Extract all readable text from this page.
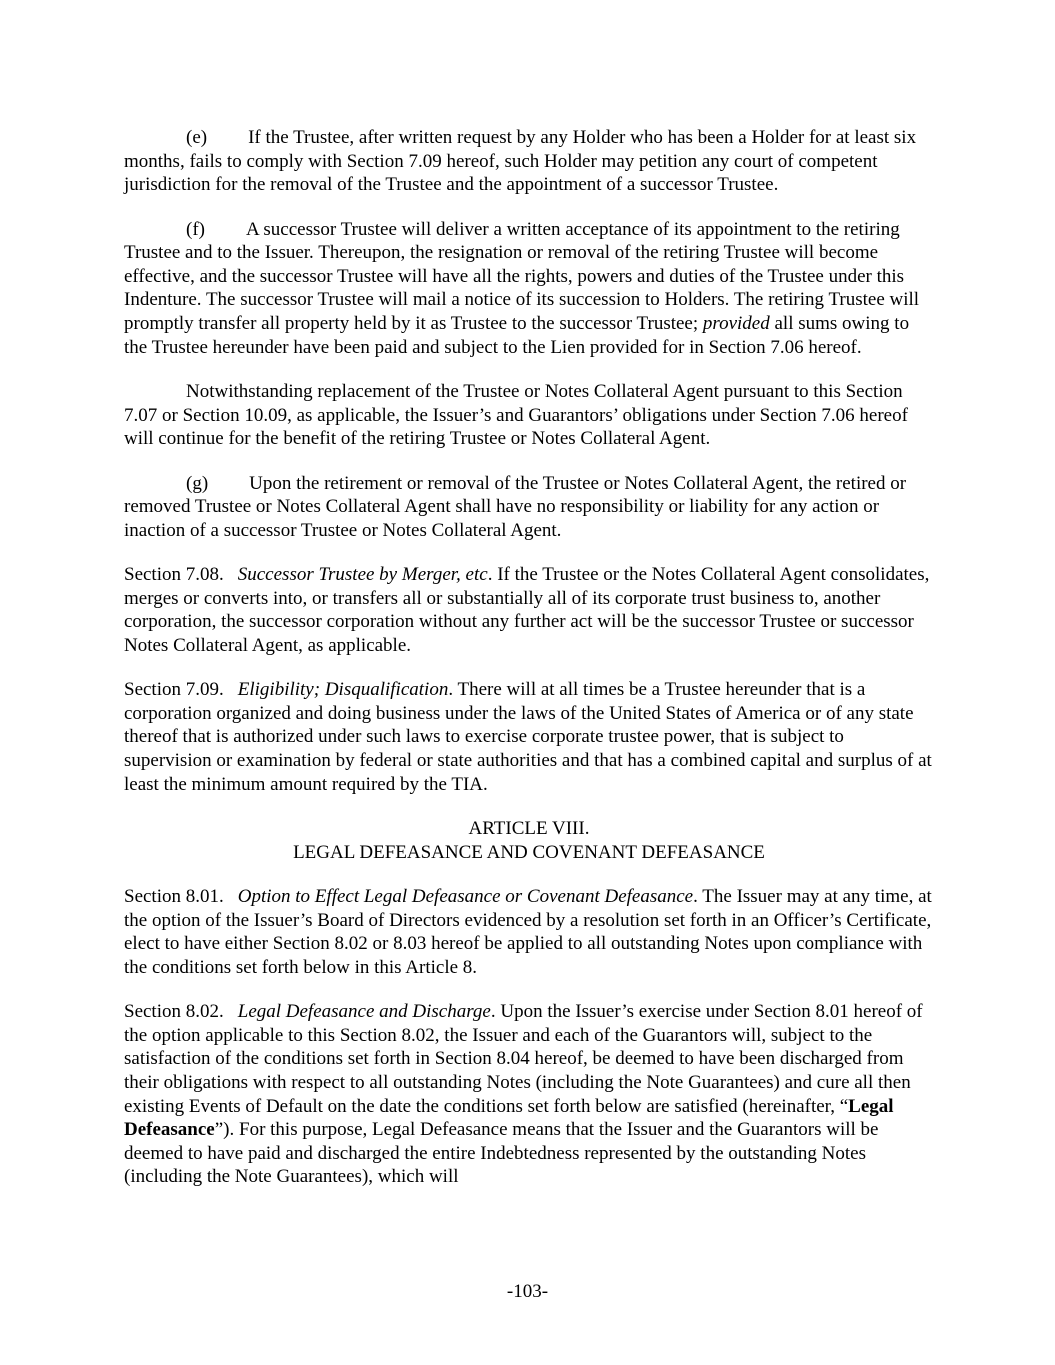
(e) If the Trustee, after written request by any Holder who has been a Holder for at least six months, fails to comply with Section 7.09 hereof, such Holder may petition any court of competent jurisdiction for the removal of the Trustee and the appointment of a successor Trustee.

(f) A successor Trustee will deliver a written acceptance of its appointment to the retiring Trustee and to the Issuer. Thereupon, the resignation or removal of the retiring Trustee will become effective, and the successor Trustee will have all the rights, powers and duties of the Trustee under this Indenture. The successor Trustee will mail a notice of its succession to Holders. The retiring Trustee will promptly transfer all property held by it as Trustee to the successor Trustee; provided all sums owing to the Trustee hereunder have been paid and subject to the Lien provided for in Section 7.06 hereof.

Notwithstanding replacement of the Trustee or Notes Collateral Agent pursuant to this Section 7.07 or Section 10.09, as applicable, the Issuer’s and Guarantors’ obligations under Section 7.06 hereof will continue for the benefit of the retiring Trustee or Notes Collateral Agent.

(g) Upon the retirement or removal of the Trustee or Notes Collateral Agent, the retired or removed Trustee or Notes Collateral Agent shall have no responsibility or liability for any action or inaction of a successor Trustee or Notes Collateral Agent.

Section 7.08. Successor Trustee by Merger, etc. If the Trustee or the Notes Collateral Agent consolidates, merges or converts into, or transfers all or substantially all of its corporate trust business to, another corporation, the successor corporation without any further act will be the successor Trustee or successor Notes Collateral Agent, as applicable.

Section 7.09. Eligibility; Disqualification. There will at all times be a Trustee hereunder that is a corporation organized and doing business under the laws of the United States of America or of any state thereof that is authorized under such laws to exercise corporate trustee power, that is subject to supervision or examination by federal or state authorities and that has a combined capital and surplus of at least the minimum amount required by the TIA.

ARTICLE VIII.
LEGAL DEFEASANCE AND COVENANT DEFEASANCE

Section 8.01. Option to Effect Legal Defeasance or Covenant Defeasance. The Issuer may at any time, at the option of the Issuer’s Board of Directors evidenced by a resolution set forth in an Officer’s Certificate, elect to have either Section 8.02 or 8.03 hereof be applied to all outstanding Notes upon compliance with the conditions set forth below in this Article 8.

Section 8.02. Legal Defeasance and Discharge. Upon the Issuer’s exercise under Section 8.01 hereof of the option applicable to this Section 8.02, the Issuer and each of the Guarantors will, subject to the satisfaction of the conditions set forth in Section 8.04 hereof, be deemed to have been discharged from their obligations with respect to all outstanding Notes (including the Note Guarantees) and cure all then existing Events of Default on the date the conditions set forth below are satisfied (hereinafter, “Legal Defeasance”). For this purpose, Legal Defeasance means that the Issuer and the Guarantors will be deemed to have paid and discharged the entire Indebtedness represented by the outstanding Notes (including the Note Guarantees), which will

-103-
